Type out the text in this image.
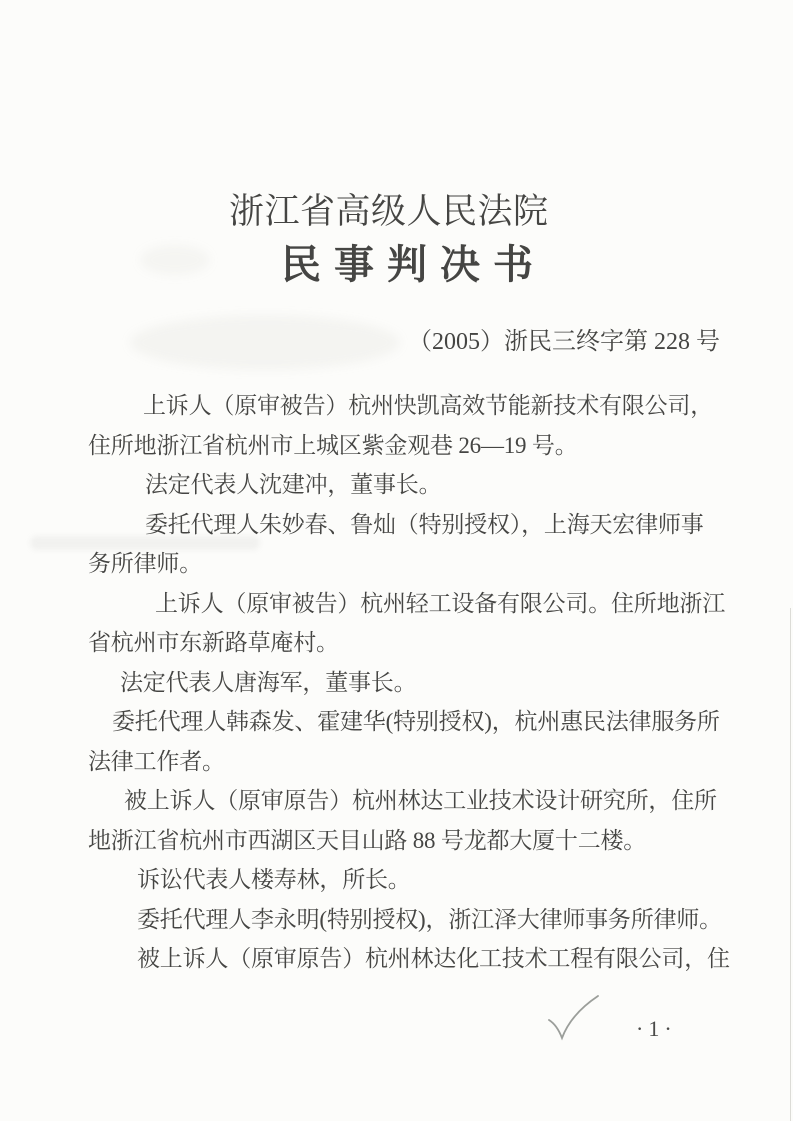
浙江省高级人民法院
民事判决书
（2005）浙民三终字第 228 号
上诉人（原审被告）杭州快凯高效节能新技术有限公司，
住所地浙江省杭州市上城区紫金观巷 26—19 号。
法定代表人沈建冲，董事长。
委托代理人朱妙春、鲁灿（特别授权），上海天宏律师事
务所律师。
上诉人（原审被告）杭州轻工设备有限公司。住所地浙江
省杭州市东新路草庵村。
法定代表人唐海军，董事长。
委托代理人韩森发、霍建华(特别授权)，杭州惠民法律服务所
法律工作者。
被上诉人（原审原告）杭州林达工业技术设计研究所，住所
地浙江省杭州市西湖区天目山路 88 号龙都大厦十二楼。
诉讼代表人楼寿林，所长。
委托代理人李永明(特别授权)，浙江泽大律师事务所律师。
被上诉人（原审原告）杭州林达化工技术工程有限公司，住
·1·
